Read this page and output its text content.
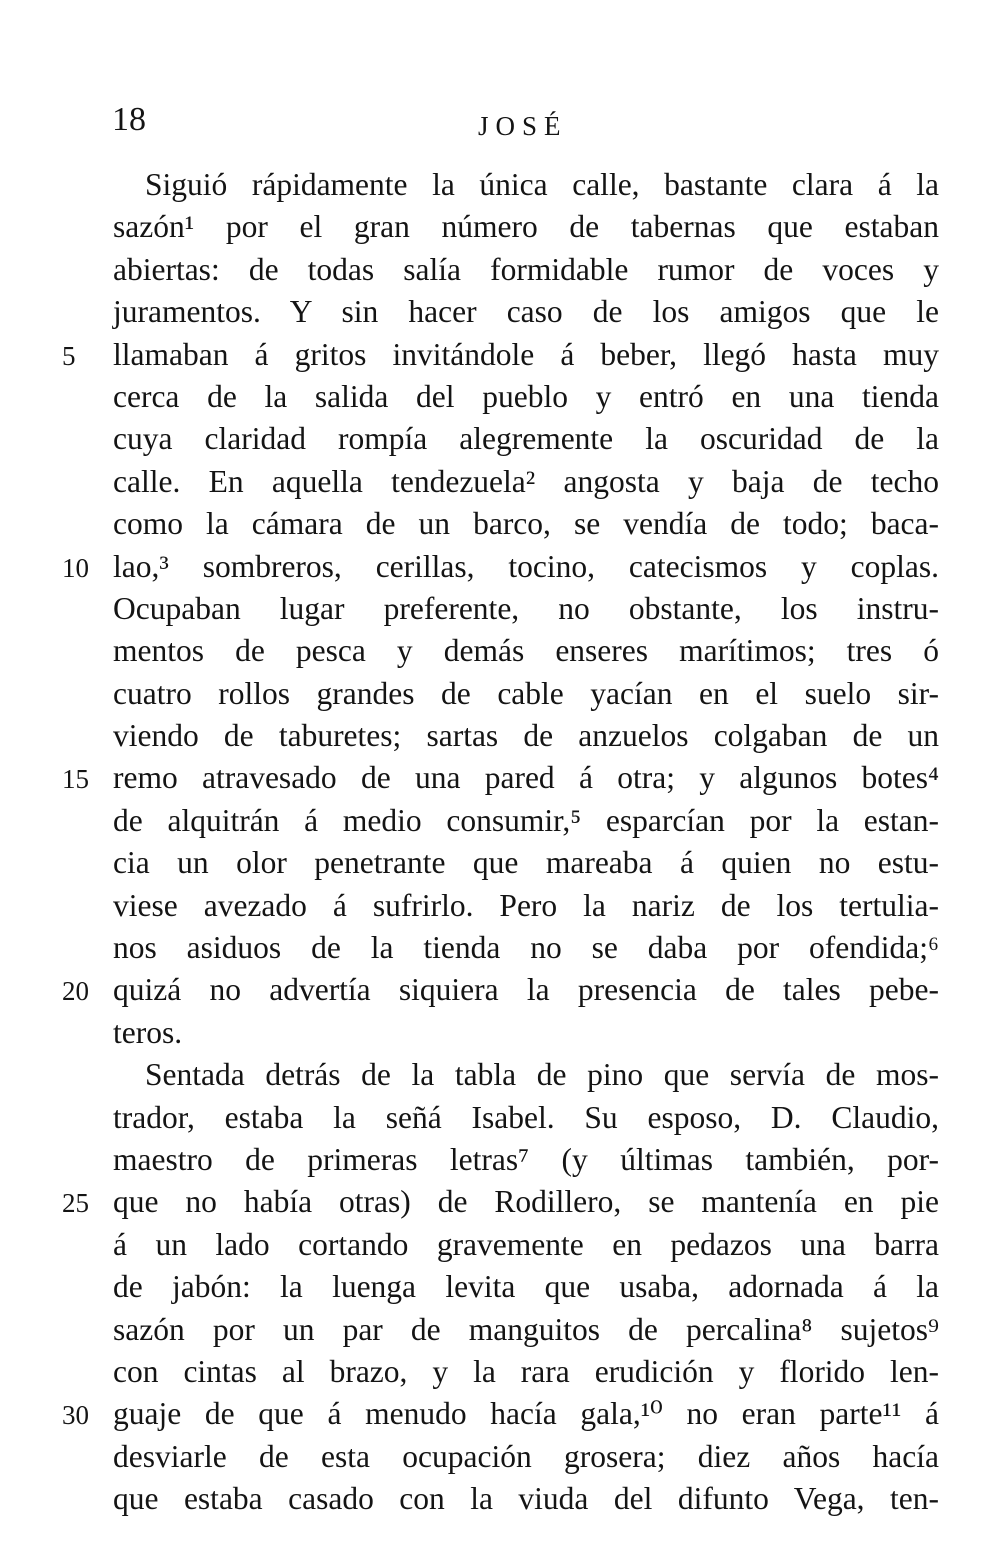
18	JOSÉ
Siguió rápidamente la única calle, bastante clara á la
sazón¹ por el gran número de tabernas que estaban
abiertas: de todas salía formidable rumor de voces y
juramentos. Y sin hacer caso de los amigos que le
5	llamaban á gritos invitándole á beber, llegó hasta muy
cerca de la salida del pueblo y entró en una tienda
cuya claridad rompía alegremente la oscuridad de la
calle. En aquella tendezuela² angosta y baja de techo
como la cámara de un barco, se vendía de todo; baca-
10 lao,³ sombreros, cerillas, tocino, catecismos y coplas.
Ocupaban lugar preferente, no obstante, los instru-
mentos de pesca y demás enseres marítimos; tres ó
cuatro rollos grandes de cable yacían en el suelo sir-
viendo de taburetes; sartas de anzuelos colgaban de un
15 remo atravesado de una pared á otra; y algunos botes⁴
de alquitrán á medio consumir,⁵ esparcían por la estan-
cia un olor penetrante que mareaba á quien no estu-
viese avezado á sufrirlo. Pero la nariz de los tertulia-
nos asiduos de la tienda no se daba por ofendida;⁶
20 quizá no advertía siquiera la presencia de tales pebe-
teros.
Sentada detrás de la tabla de pino que servía de mos-
trador, estaba la señá Isabel. Su esposo, D. Claudio,
maestro de primeras letras⁷ (y últimas también, por-
25 que no había otras) de Rodillero, se mantenía en pie
á un lado cortando gravemente en pedazos una barra
de jabón: la luenga levita que usaba, adornada á la
sazón por un par de manguitos de percalina⁸ sujetos⁹
con cintas al brazo, y la rara erudición y florido len-
30 guaje de que á menudo hacía gala,¹⁰ no eran parte¹¹ á
desviarle de esta ocupación grosera; diez años hacía
que estaba casado con la viuda del difunto Vega, ten-
